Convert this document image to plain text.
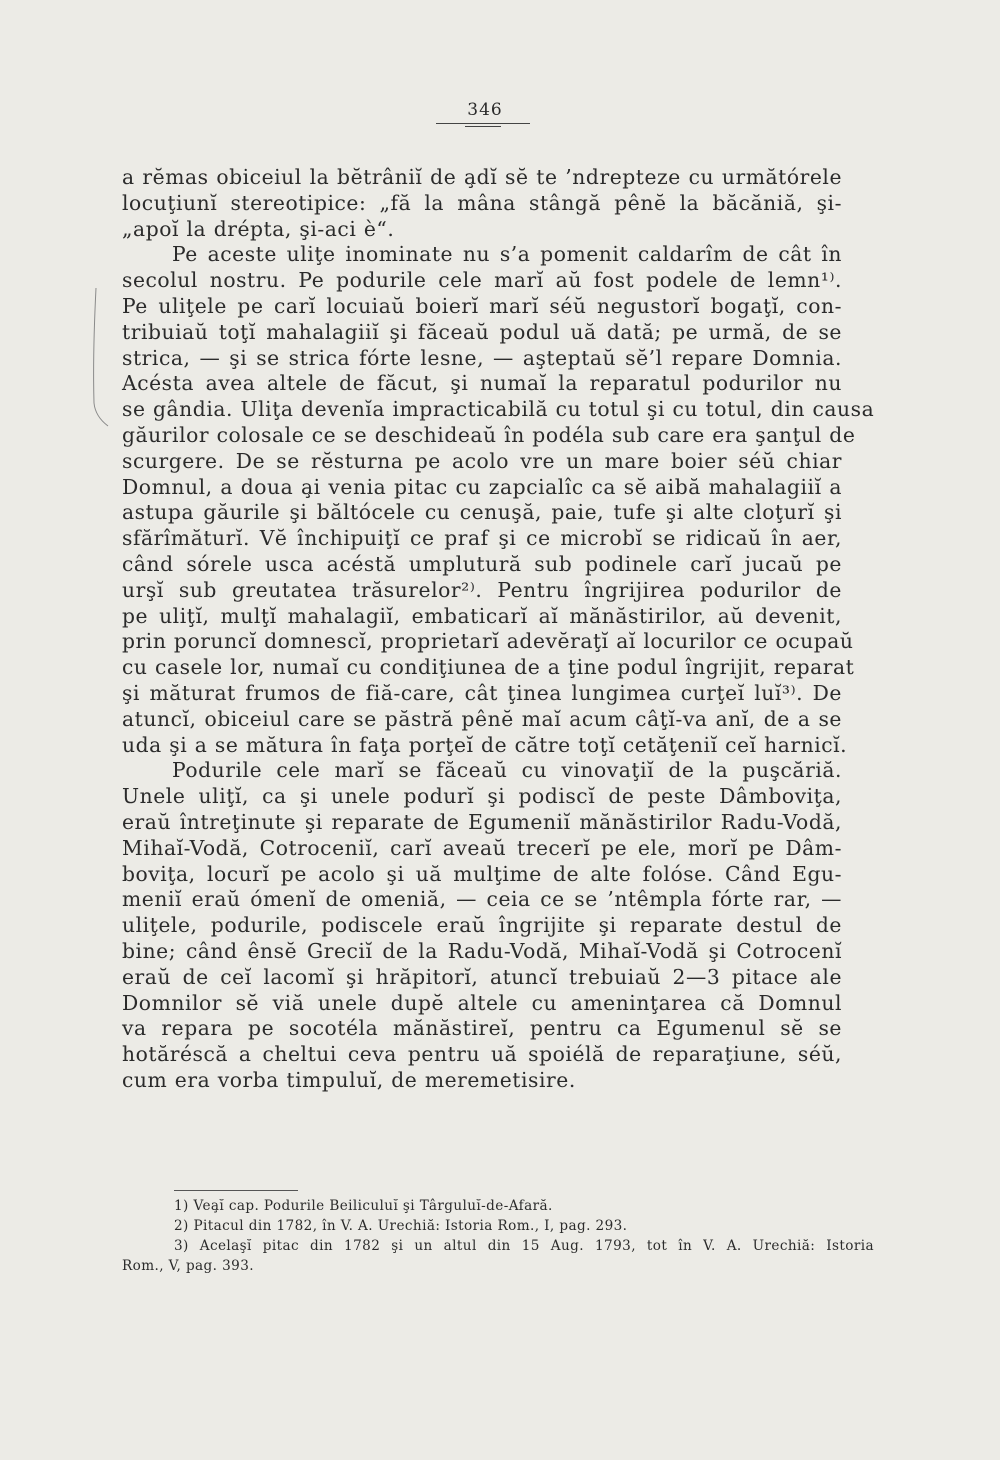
346
a rĕmas obiceiul la bĕtrâniĭ de a̧dĭ sĕ te ’ndrepteze cu următórele
locuţiunĭ stereotipice: „fă la mâna stângă pênĕ la băcăniă, şi-
„apoĭ la drépta, şi-aci è“.
Pe aceste uliţe inominate nu s’a pomenit caldarîm de cât în
secolul nostru. Pe podurile cele marĭ aŭ fost podele de lemn¹⁾.
Pe uliţele pe carĭ locuiaŭ boierĭ marĭ séŭ negustorĭ bogaţĭ, con-
tribuiaŭ toţĭ mahalagiiĭ şi făceaŭ podul uă dată; pe urmă, de se
strica, — şi se strica fórte lesne, — aşteptaŭ sĕ’l repare Domnia.
Acésta avea altele de făcut, şi numaĭ la reparatul podurilor nu
se gândia. Uliţa devenĭa impracticabilă cu totul şi cu totul, din causa
găurilor colosale ce se deschideaŭ în podéla sub care era şanţul de
scurgere. De se rĕsturna pe acolo vre un mare boier séŭ chiar
Domnul, a doua a̧i venia pitac cu zapcialîc ca sĕ aibă mahalagiiĭ a
astupa găurile şi băltócele cu cenuşă, paie, tufe şi alte cloţurĭ şi
sfărîmăturĭ. Vĕ închipuiţĭ ce praf şi ce microbĭ se ridicaŭ în aer,
când sórele usca acéstă umplutură sub podinele carĭ jucaŭ pe
urşĭ sub greutatea trăsurelor²⁾. Pentru îngrijirea podurilor de
pe uliţĭ, mulţĭ mahalagiĭ, embaticarĭ aĭ mănăstirilor, aŭ devenit,
prin poruncĭ domnescĭ, proprietarĭ adevĕraţĭ aĭ locurilor ce ocupaŭ
cu casele lor, numaĭ cu condiţiunea de a ţine podul îngrijit, reparat
şi măturat frumos de fiă-care, cât ţinea lungimea curţeĭ luĭ³⁾. De
atuncĭ, obiceiul care se păstră pênĕ maĭ acum câţĭ-va anĭ, de a se
uda şi a se mătura în faţa porţeĭ de către toţĭ cetăţeniĭ ceĭ harnicĭ.
Podurile cele marĭ se făceaŭ cu vinovaţiĭ de la puşcăriă.
Unele uliţĭ, ca şi unele podurĭ şi podiscĭ de peste Dâmboviţa,
eraŭ întreţinute şi reparate de Egumeniĭ mănăstirilor Radu-Vodă,
Mihaĭ-Vodă, Cotroceniĭ, carĭ aveaŭ trecerĭ pe ele, morĭ pe Dâm-
boviţa, locurĭ pe acolo şi uă mulţime de alte folóse. Când Egu-
meniĭ eraŭ ómenĭ de omeniă, — ceia ce se ’ntêmpla fórte rar, —
uliţele, podurile, podiscele eraŭ îngrijite şi reparate destul de
bine; când ênsĕ Greciĭ de la Radu-Vodă, Mihaĭ-Vodă şi Cotrocenĭ
eraŭ de ceĭ lacomĭ şi hrăpitorĭ, atuncĭ trebuiaŭ 2—3 pitace ale
Domnilor sĕ viă unele dupĕ altele cu ameninţarea că Domnul
va repara pe socotéla mănăstireĭ, pentru ca Egumenul sĕ se
hotăréscă a cheltui ceva pentru uă spoiélă de reparaţiune, séŭ,
cum era vorba timpuluĭ, de meremetisire.
1) Vea̧ĭ cap. Podurile Beiliculuĭ şi Târguluĭ-de-Afară.
2) Pitacul din 1782, în V. A. Urechiă: Istoria Rom., I, pag. 293.
3) Acelaşĭ pitac din 1782 şi un altul din 15 Aug. 1793, tot în V. A. Urechiă: Istoria
Rom., V, pag. 393.
